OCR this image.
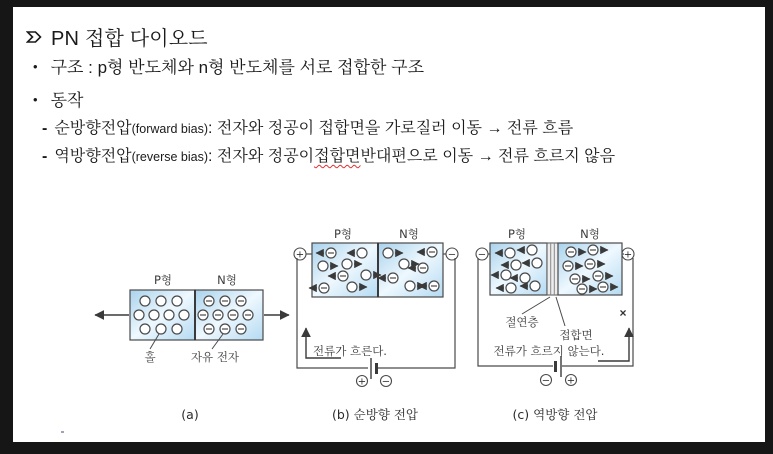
PN 접합 다이오드
• 구조 : p형 반도체와 n형 반도체를 서로 접합한 구조
• 동작
- 순방향전압 (forward bias) : 전자와 정공이 접합면을 가로질러 이동 → 전류 흐름
- 역방향전압 (reverse bias) : 전자와 정공이 접합면 반대편으로 이동 → 전류 흐르지 않음
P형	N형
홀	자유 전자
(a)
P형	N형
+	−
+ −
전류가 흐른다.
(b) 순방향 전압
P형	N형
−	+
− +
절연층
접합면
전류가 흐르지 않는다.
×
(c) 역방향 전압
